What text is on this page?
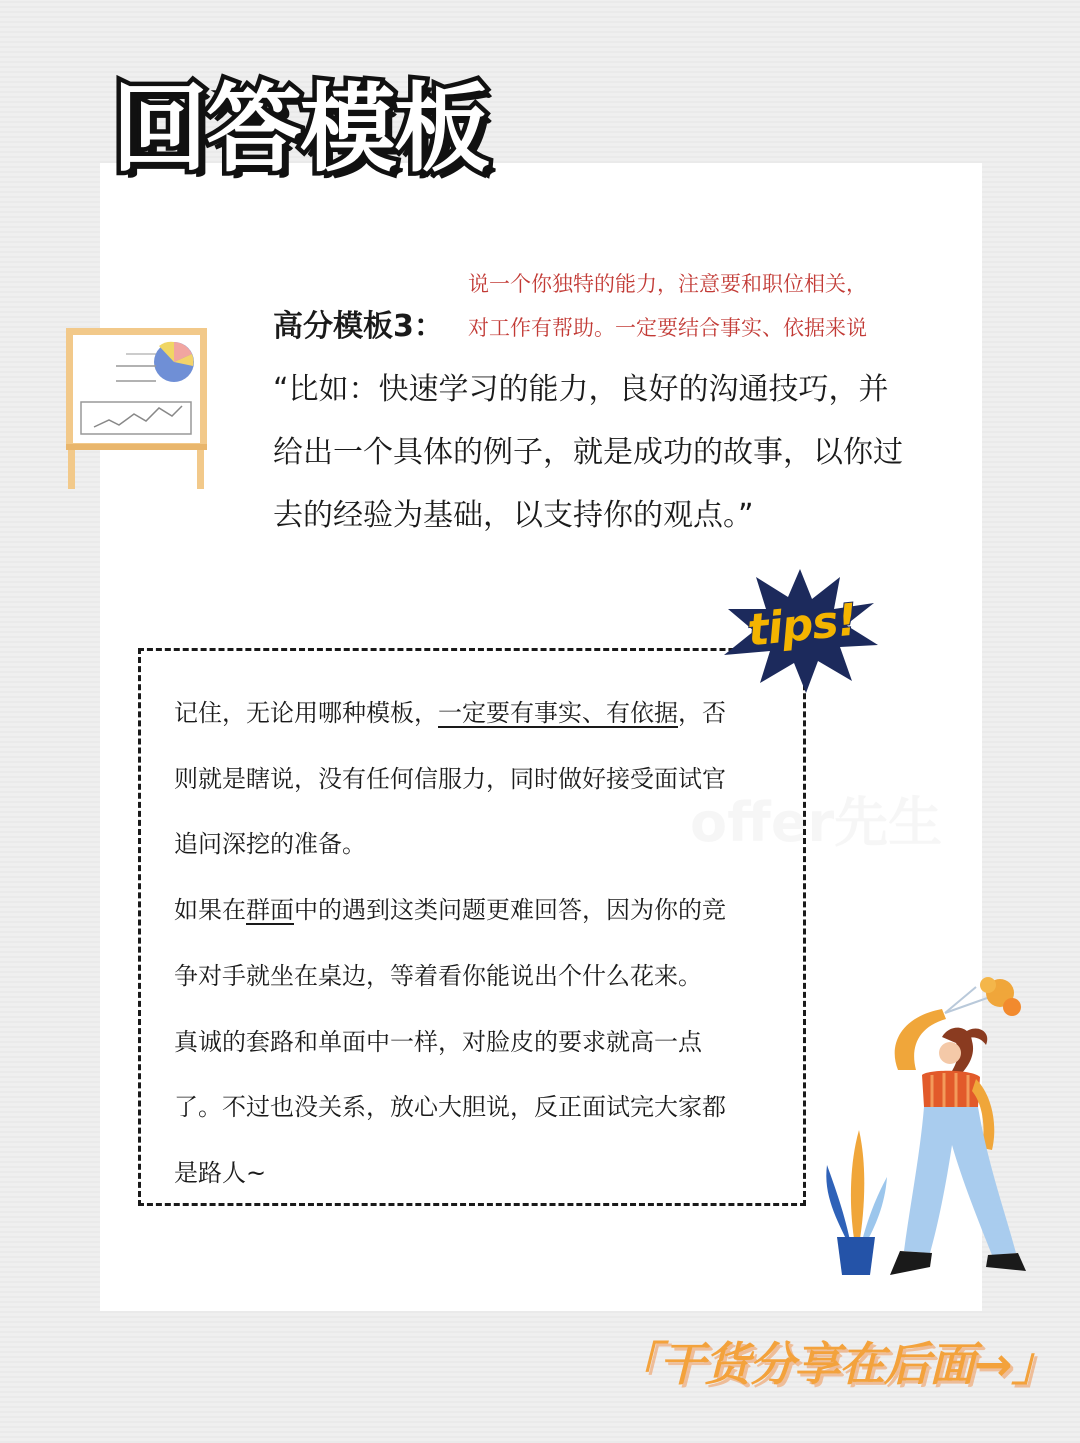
回答模板
高分模板3：
说一个你独特的能力，注意要和职位相关，
对工作有帮助。一定要结合事实、依据来说

“比如：快速学习的能力，良好的沟通技巧，并

给出一个具体的例子，就是成功的故事，以你过

去的经验为基础，以支持你的观点。”

记住，无论用哪种模板，一定要有事实、有依据，否

则就是瞎说，没有任何信服力，同时做好接受面试官

追问深挖的准备。

如果在群面中的遇到这类问题更难回答，因为你的竞

争对手就坐在桌边，等着看你能说出个什么花来。

真诚的套路和单面中一样，对脸皮的要求就高一点

了。不过也没关系，放心大胆说，反正面试完大家都

是路人~

tips!
「干货分享在后面→」
